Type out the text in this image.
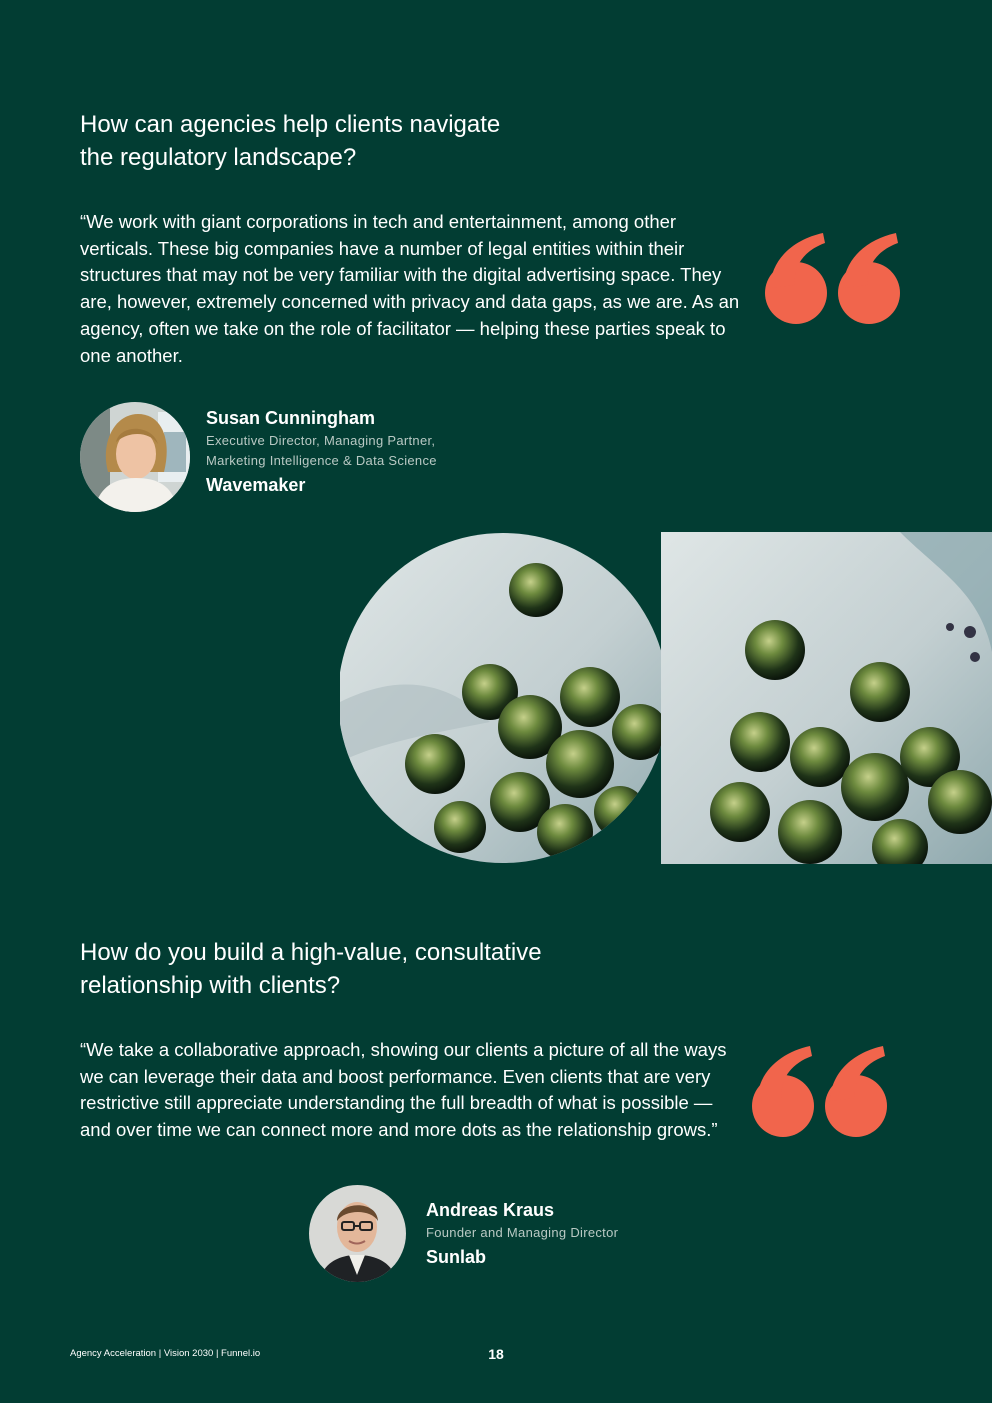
How can agencies help clients navigate
the regulatory landscape?

“We work with giant corporations in tech and entertainment, among other verticals. These big companies have a number of legal entities within their structures that may not be very familiar with the digital advertising space. They are, however, extremely concerned with privacy and data gaps, as we are. As an agency, often we take on the role of facilitator — helping these parties speak to one another.

Susan Cunningham
Executive Director, Managing Partner,
Marketing Intelligence & Data Science
Wavemaker
How do you build a high-value, consultative
relationship with clients?

“We take a collaborative approach, showing our clients a picture of all the ways we can leverage their data and boost performance. Even clients that are very restrictive still appreciate understanding the full breadth of what is possible — and over time we can connect more and more dots as the relationship grows.”

Andreas Kraus
Founder and Managing Director
Sunlab
Agency Acceleration | Vision 2030 | Funnel.io	18
